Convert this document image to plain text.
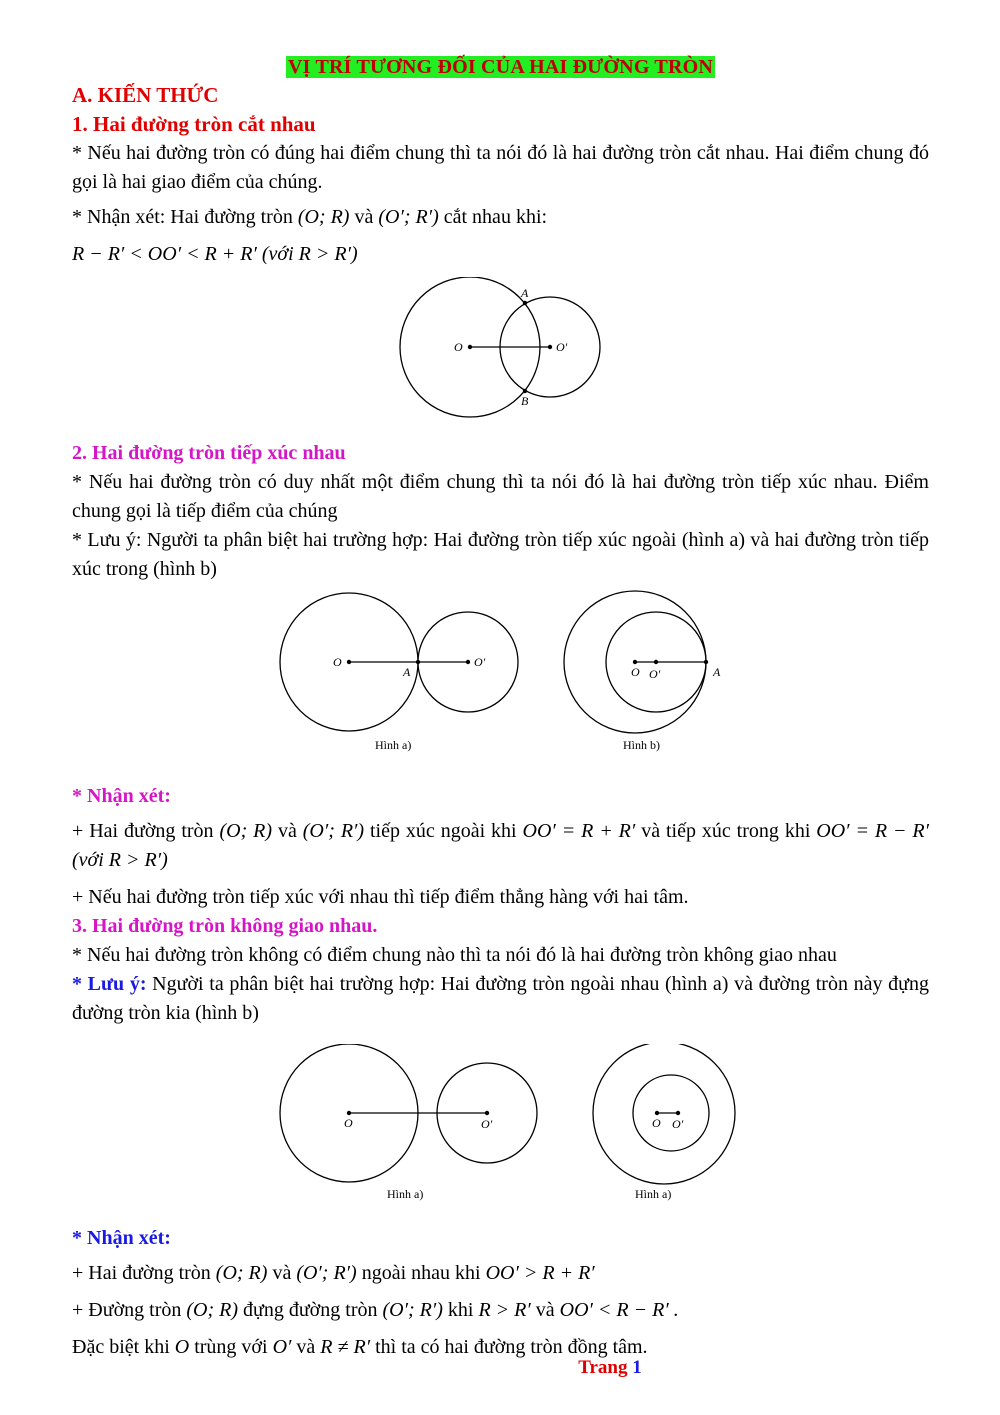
VỊ TRÍ TƯƠNG ĐỐI CỦA HAI ĐƯỜNG TRÒN
A. KIẾN THỨC
1. Hai đường tròn cắt nhau

* Nếu hai đường tròn có đúng hai điểm chung thì ta nói đó là hai đường tròn cắt nhau. Hai điểm chung đó gọi là hai giao điểm của chúng.

* Nhận xét: Hai đường tròn (O; R) và (O′; R′) cắt nhau khi:

R − R′ < OO′ < R + R′ (với R > R′)

O	O′
A
B
2. Hai đường tròn tiếp xúc nhau

* Nếu hai đường tròn có duy nhất một điểm chung thì ta nói đó là hai đường tròn tiếp xúc nhau. Điểm chung gọi là tiếp điểm của chúng

* Lưu ý: Người ta phân biệt hai trường hợp: Hai đường tròn tiếp xúc ngoài (hình a) và hai đường tròn tiếp xúc trong (hình b)

O	O′
A
Hình a)
O O′	A
Hình b)
* Nhận xét:

+ Hai đường tròn (O; R) và (O′; R′) tiếp xúc ngoài khi OO′ = R + R′ và tiếp xúc trong khi OO′ = R − R′ (với R > R′)

+ Nếu hai đường tròn tiếp xúc với nhau thì tiếp điểm thẳng hàng với hai tâm.

3. Hai đường tròn không giao nhau.

* Nếu hai đường tròn không có điểm chung nào thì ta nói đó là hai đường tròn không giao nhau

* Lưu ý: Người ta phân biệt hai trường hợp: Hai đường tròn ngoài nhau (hình a) và đường tròn này đựng đường tròn kia (hình b)

O	O′
Hình a)
O O′
Hình a)
* Nhận xét:

+ Hai đường tròn (O; R) và (O′; R′) ngoài nhau khi OO′ > R + R′

+ Đường tròn (O; R) đựng đường tròn (O′; R′) khi R > R′ và OO′ < R − R′ .

Đặc biệt khi O trùng với O′ và R ≠ R′ thì ta có hai đường tròn đồng tâm.

Trang 1
